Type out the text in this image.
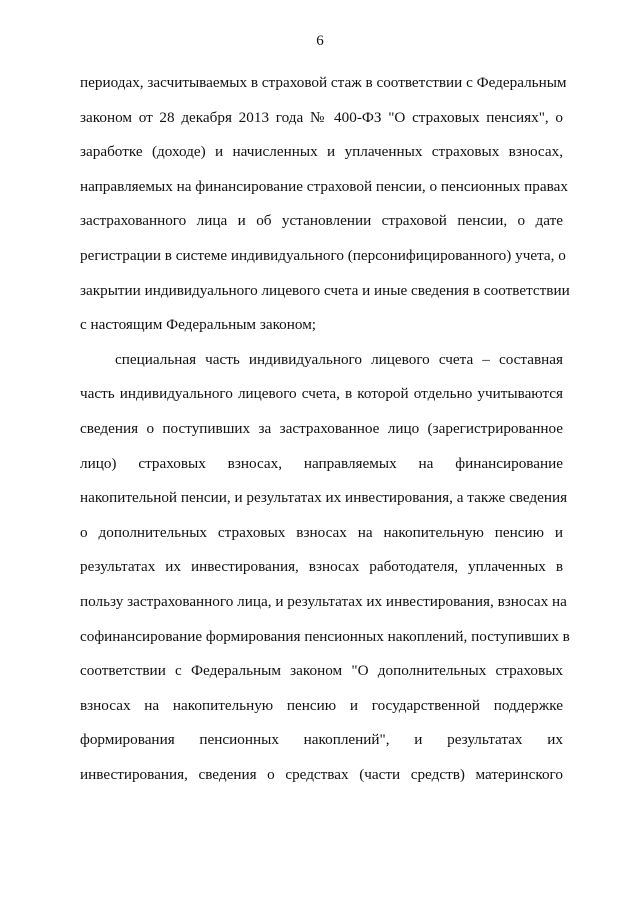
6
периодах, засчитываемых в страховой стаж в соответствии с Федеральным
законом от 28 декабря 2013 года № 400-ФЗ "О страховых пенсиях", о
заработке (доходе) и начисленных и уплаченных страховых взносах,
направляемых на финансирование страховой пенсии, о пенсионных правах
застрахованного лица и об установлении страховой пенсии, о дате
регистрации в системе индивидуального (персонифицированного) учета, о
закрытии индивидуального лицевого счета и иные сведения в соответствии
с настоящим Федеральным законом;
специальная часть индивидуального лицевого счета – составная
часть индивидуального лицевого счета, в которой отдельно учитываются
сведения о поступивших за застрахованное лицо (зарегистрированное
лицо) страховых взносах, направляемых на финансирование
накопительной пенсии, и результатах их инвестирования, а также сведения
о дополнительных страховых взносах на накопительную пенсию и
результатах их инвестирования, взносах работодателя, уплаченных в
пользу застрахованного лица, и результатах их инвестирования, взносах на
софинансирование формирования пенсионных накоплений, поступивших в
соответствии с Федеральным законом "О дополнительных страховых
взносах на накопительную пенсию и государственной поддержке
формирования пенсионных накоплений", и результатах их
инвестирования, сведения о средствах (части средств) материнского
